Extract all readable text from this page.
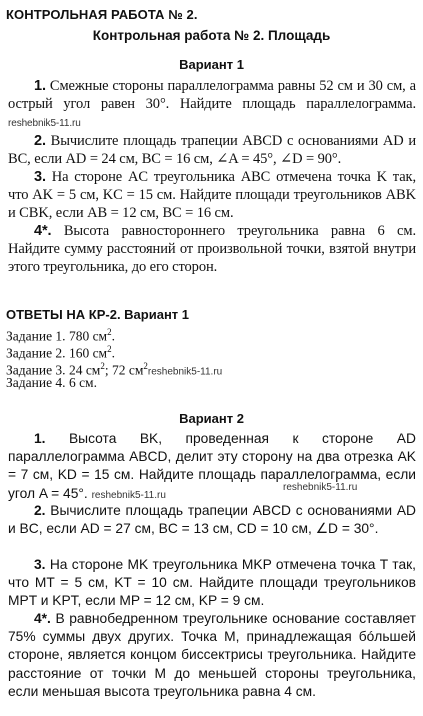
КОНТРОЛЬНАЯ РАБОТА № 2.
Контрольная работа № 2. Площадь
Вариант 1
1. Смежные стороны параллелограмма равны 52 см и 30 см, а острый угол равен 30°. Найдите площадь параллелограмма. reshebnik5-11.ru
2. Вычислите площадь трапеции ABCD с основаниями AD и BC, если AD = 24 см, BC = 16 см, ∠A = 45°, ∠D = 90°.
3. На стороне AC треугольника ABC отмечена точка K так, что AK = 5 см, KC = 15 см. Найдите площади треугольников ABK и CBK, если AB = 12 см, BC = 16 см.
4*. Высота равностороннего треугольника равна 6 см. Найдите сумму расстояний от произвольной точки, взятой внутри этого треугольника, до его сторон.
ОТВЕТЫ НА КР-2. Вариант 1
Задание 1. 780 $см^2$.
Задание 2. 160 $см^2$.
Задание 3. 24 $см^2$; 72 $см^2reshebnik5-11.ru$
Задание 4. 6 см.
Вариант 2
1. Высота BK, проведенная к стороне AD параллелограмма ABCD, делит эту сторону на два отрезка AK = 7 см, KD = 15 см. Найдите площадь параллелограмма, если угол A = 45°. reshebnik5-11.ru
reshebnik5-11.ru
2. Вычислите площадь трапеции ABCD с основаниями AD и BC, если AD = 27 см, BC = 13 см, CD = 10 см, ∠D = 30°.
3. На стороне MK треугольника MKP отмечена точка T так, что MT = 5 см, KT = 10 см. Найдите площади треугольников MPT и KPT, если MP = 12 см, KP = 9 см.
4*. В равнобедренном треугольнике основание составляет 75% суммы двух других. Точка M, принадлежащая бóльшей стороне, является концом биссектрисы треугольника. Найдите расстояние от точки M до меньшей стороны треугольника, если меньшая высота треугольника равна 4 см.
